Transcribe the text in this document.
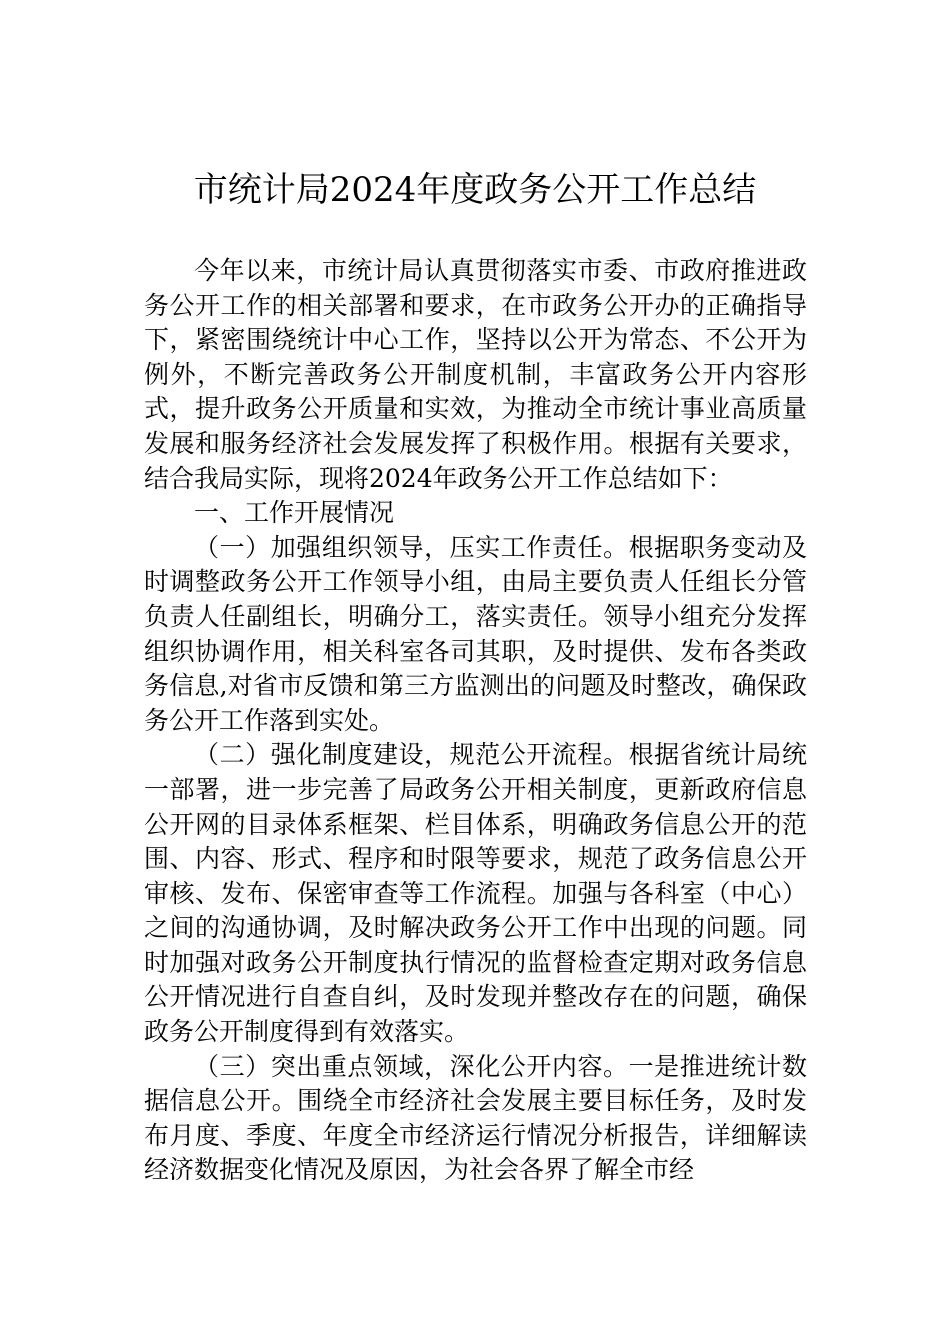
市统计局2024年度政务公开工作总结

今年以来，市统计局认真贯彻落实市委、市政府推进政务公开工作的相关部署和要求，在市政务公开办的正确指导下，紧密围绕统计中心工作，坚持以公开为常态、不公开为例外，不断完善政务公开制度机制，丰富政务公开内容形式，提升政务公开质量和实效，为推动全市统计事业高质量发展和服务经济社会发展发挥了积极作用。根据有关要求，结合我局实际，现将2024年政务公开工作总结如下：

一、工作开展情况

（一）加强组织领导，压实工作责任。根据职务变动及时调整政务公开工作领导小组，由局主要负责人任组长分管负责人任副组长，明确分工，落实责任。领导小组充分发挥组织协调作用，相关科室各司其职，及时提供、发布各类政务信息,对省市反馈和第三方监测出的问题及时整改，确保政务公开工作落到实处。

（二）强化制度建设，规范公开流程。根据省统计局统一部署，进一步完善了局政务公开相关制度，更新政府信息公开网的目录体系框架、栏目体系，明确政务信息公开的范围、内容、形式、程序和时限等要求，规范了政务信息公开审核、发布、保密审查等工作流程。加强与各科室（中心）之间的沟通协调，及时解决政务公开工作中出现的问题。同时加强对政务公开制度执行情况的监督检查定期对政务信息公开情况进行自查自纠，及时发现并整改存在的问题，确保政务公开制度得到有效落实。

（三）突出重点领域，深化公开内容。一是推进统计数据信息公开。围绕全市经济社会发展主要目标任务，及时发布月度、季度、年度全市经济运行情况分析报告，详细解读经济数据变化情况及原因，为社会各界了解全市经
